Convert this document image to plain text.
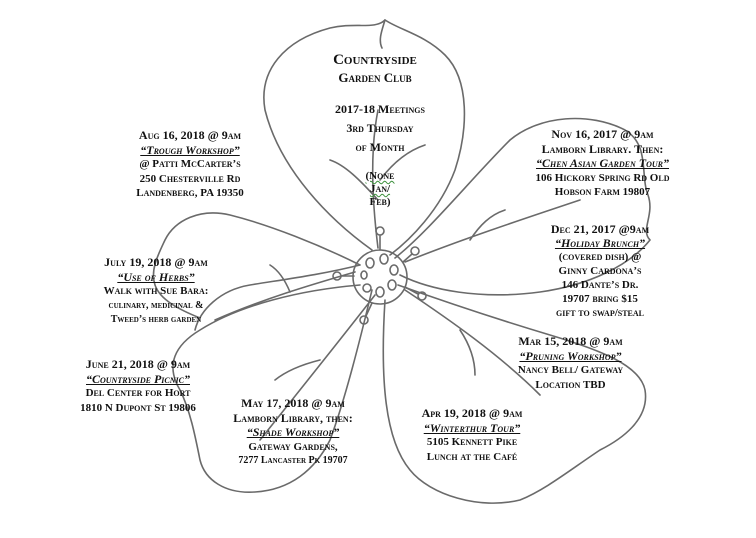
Countryside
Garden Club
2017-18 Meetings
3rd Thursday
of Month
(None
Jan/
Feb)
Nov 16, 2017 @ 9am
Lamborn Library. Then:
“Chen Asian Garden Tour”
106 Hickory Spring Rd Old
Hobson Farm 19807
Dec 21, 2017 @9am
“Holiday Brunch”
(covered dish) @
Ginny Cardona’s
146 Dante’s Dr.
19707 bring $15
gift to swap/steal
Mar 15, 2018 @ 9am
“Pruning Workshop”
Nancy Bell/ Gateway
Location TBD
Apr 19, 2018 @ 9am
“Winterthur Tour”
5105 Kennett Pike
Lunch at the Café
May 17, 2018 @ 9am
Lamborn Library, then:
“Shade Workshop”
Gateway Gardens,
7277 Lancaster Pk 19707
June 21, 2018 @ 9am
“Countryside Picnic”
Del Center for Hort
1810 N Dupont St 19806
July 19, 2018 @ 9am
“Use of Herbs”
Walk with Sue Bara:
culinary, medicinal &
Tweed’s herb garden
Aug 16, 2018 @ 9am
“Trough Workshop”
@ Patti McCarter’s
250 Chesterville Rd
Landenberg, PA 19350
